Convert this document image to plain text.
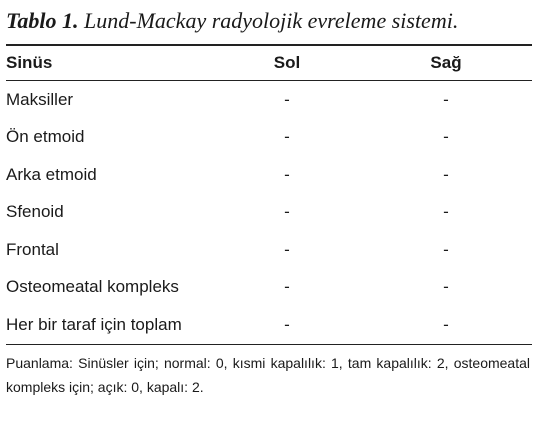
Tablo 1. Lund-Mackay radyolojik evreleme sistemi.
Sinüs	Sol	Sağ

Maksiller	-	-
Ön etmoid	-	-
Arka etmoid	-	-
Sfenoid	-	-
Frontal	-	-
Osteomeatal kompleks	-	-
Her bir taraf için toplam	-	-
Puanlama: Sinüsler için; normal: 0, kısmi kapalılık: 1, tam kapalılık: 2, osteomeatal kompleks için; açık: 0, kapalı: 2.
